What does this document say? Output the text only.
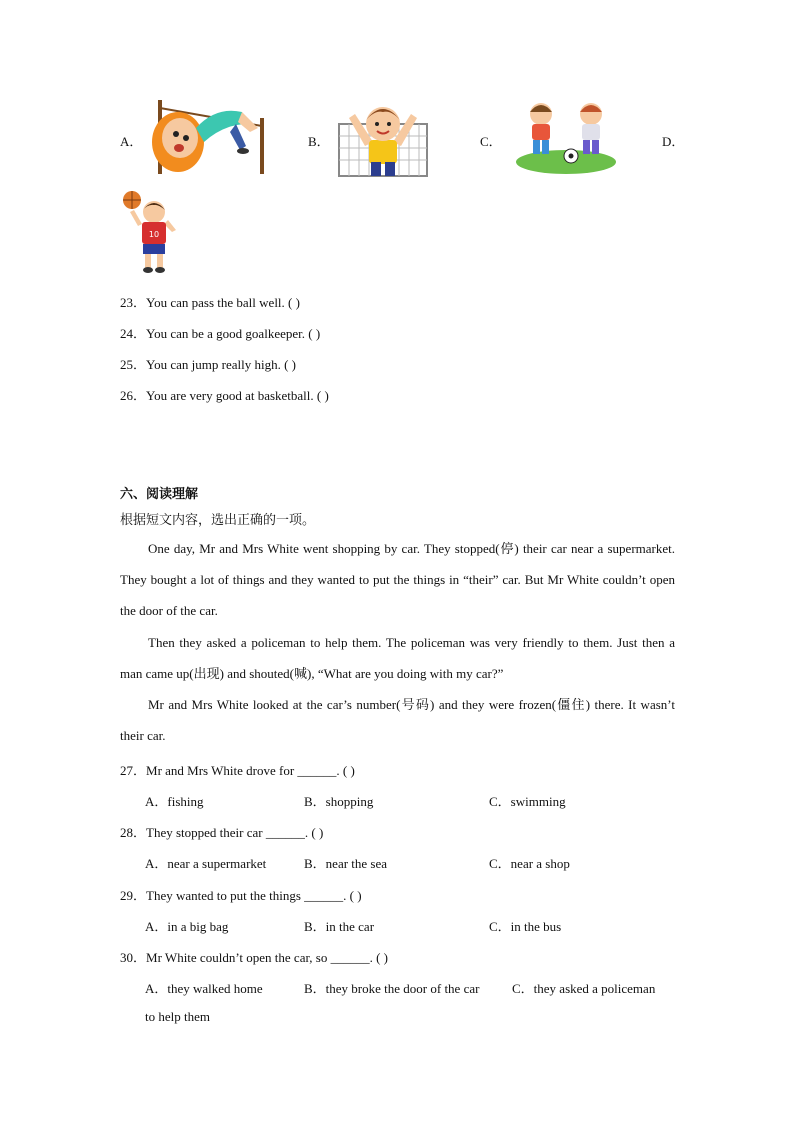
A．	B．	C．	D．
10
23．You can pass the ball well. ( )
24．You can be a good goalkeeper. ( )
25．You can jump really high. ( )
26．You are very good at basketball. ( )
六、阅读理解
根据短文内容，选出正确的一项。

One day, Mr and Mrs White went shopping by car. They stopped(停) their car near a supermarket. They bought a lot of things and they wanted to put the things in “their” car. But Mr White couldn’t open the door of the car.

Then they asked a policeman to help them. The policeman was very friendly to them. Just then a man came up(出现) and shouted(喊), “What are you doing with my car?”

Mr and Mrs White looked at the car’s number(号码) and they were frozen(僵住) there. It wasn’t their car.

27．Mr and Mrs White drove for ______. ( )
A．fishing	B．shopping	C．swimming
28．They stopped their car ______. ( )
A．near a supermarket	B．near the sea	C．near a shop
29．They wanted to put the things ______. ( )
A．in a big bag	B．in the car	C．in the bus
30．Mr White couldn’t open the car, so ______. ( )
A．they walked home	B．they broke the door of the car	C．they asked a policeman
to help them
